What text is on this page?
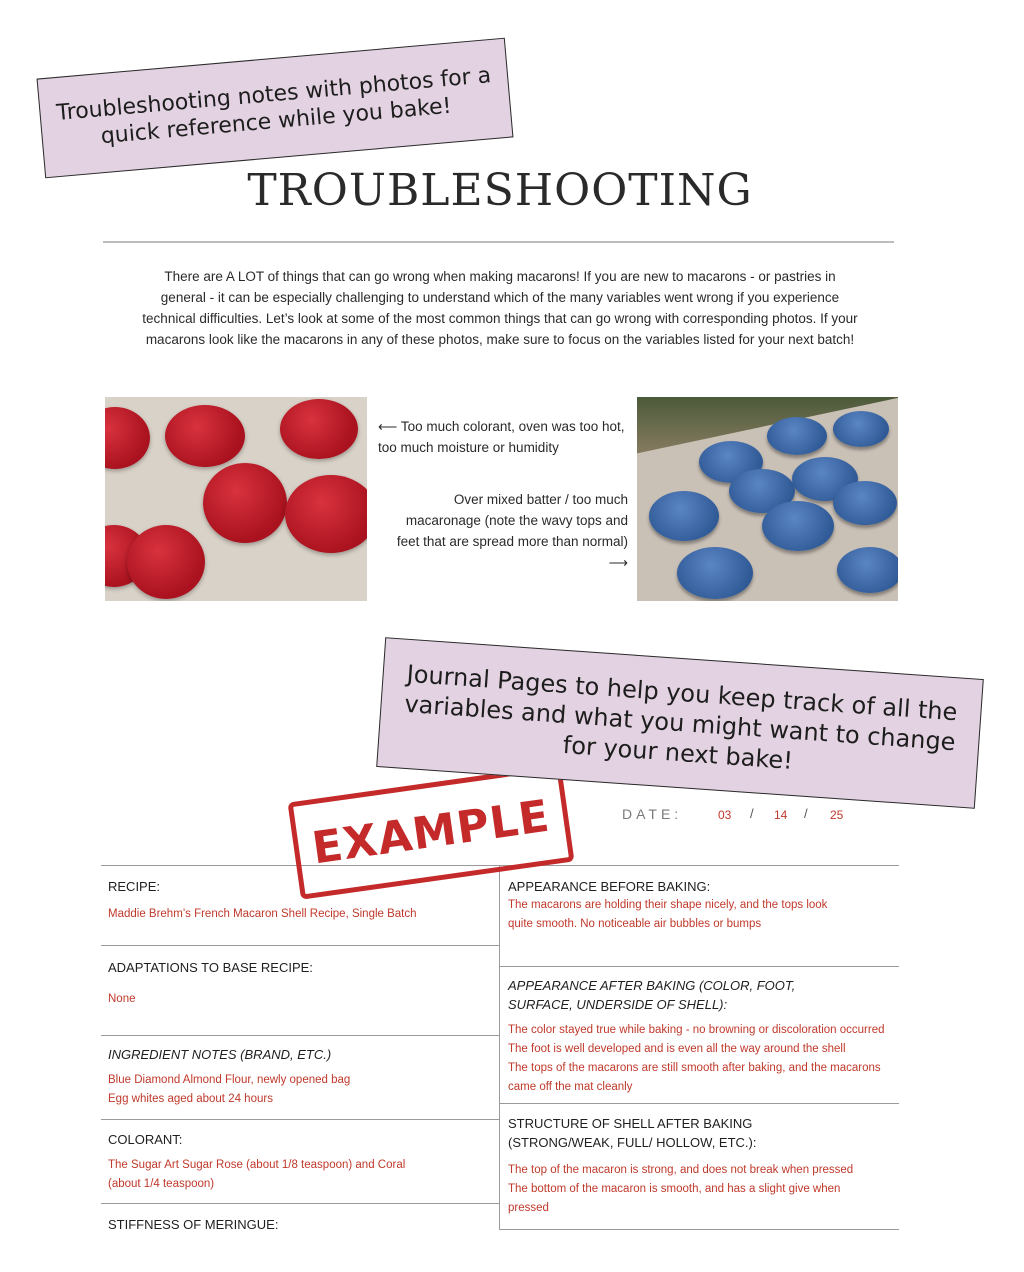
TROUBLESHOOTING
There are A LOT of things that can go wrong when making macarons! If you are new to macarons - or pastries in general - it can be especially challenging to understand which of the many variables went wrong if you experience technical difficulties. Let’s look at some of the most common things that can go wrong with corresponding photos. If your macarons look like the macarons in any of these photos, make sure to focus on the variables listed for your next batch!
⟵ Too much colorant, oven was too hot, too much moisture or humidity
Over mixed batter / too much macaronage (note the wavy tops and feet that are spread more than normal) ⟶
RECIPE:
Maddie Brehm’s French Macaron Shell Recipe, Single Batch
ADAPTATIONS TO BASE RECIPE:
None
INGREDIENT NOTES (BRAND, ETC.)
Blue Diamond Almond Flour, newly opened bag
Egg whites aged about 24 hours
COLORANT:
The Sugar Art Sugar Rose (about 1/8 teaspoon) and Coral
(about 1/4 teaspoon)
STIFFNESS OF MERINGUE:
APPEARANCE BEFORE BAKING:
The macarons are holding their shape nicely, and the tops look
quite smooth. No noticeable air bubbles or bumps
APPEARANCE AFTER BAKING (COLOR, FOOT,
SURFACE, UNDERSIDE OF SHELL):
The color stayed true while baking - no browning or discoloration occurred
The foot is well developed and is even all the way around the shell
The tops of the macarons are still smooth after baking, and the macarons
came off the mat cleanly
STRUCTURE OF SHELL AFTER BAKING
(STRONG/WEAK, FULL/ HOLLOW, ETC.):
The top of the macaron is strong, and does not break when pressed
The bottom of the macaron is smooth, and has a slight give when
pressed
DATE:	03 / 14 / 25
EXAMPLE
Troubleshooting notes with photos for a quick reference while you bake!
Journal Pages to help you keep track of all the variables and what you might want to change for your next bake!
